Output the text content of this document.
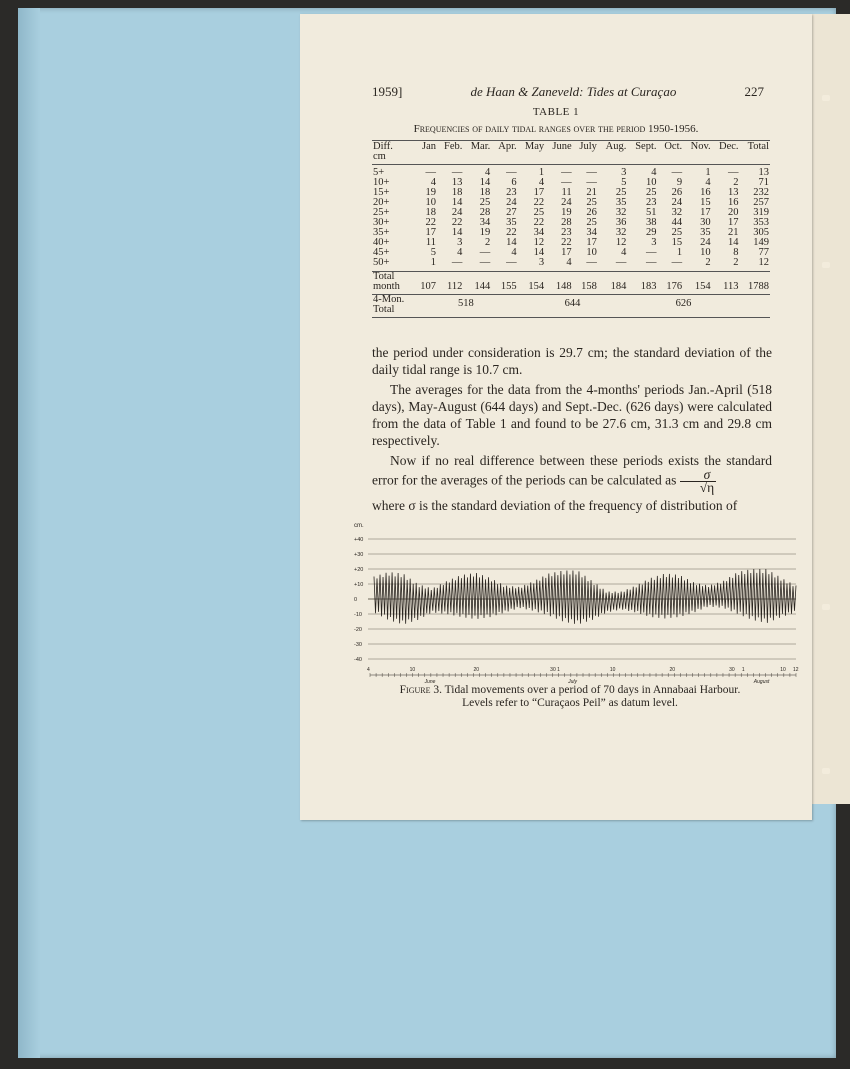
1959]	de Haan & Zaneveld: Tides at Curaçao	227
TABLE 1
Frequencies of daily tidal ranges over the period 1950-1956.
Diff.	Jan	Feb.	Mar.	Apr.	May	June	July	Aug.	Sept.	Oct.	Nov.	Dec.	Total
cm													
5+	—	—	4	—	1	—	—	3	4	—	1	—	13
10+	4	13	14	6	4	—	—	5	10	9	4	2	71
15+	19	18	18	23	17	11	21	25	25	26	16	13	232
20+	10	14	25	24	22	24	25	35	23	24	15	16	257
25+	18	24	28	27	25	19	26	32	51	32	17	20	319
30+	22	22	34	35	22	28	25	36	38	44	30	17	353
35+	17	14	19	22	34	23	34	32	29	25	35	21	305
40+	11	3	2	14	12	22	17	12	3	15	24	14	149
45+	5	4	—	4	14	17	10	4	—	1	10	8	77
50+	1	—	—	—	3	4	—	—	—	—	2	2	12
Total													
month	107	112	144	155	154	148	158	184	183	176	154	113	1788
4-Mon.													
Total	518				644				626				

the period under consideration is 29.7 cm; the standard deviation of the daily tidal range is 10.7 cm.

The averages for the data from the 4-months' periods Jan.-April (518 days), May-August (644 days) and Sept.-Dec. (626 days) were calculated from the data of Table 1 and found to be 27.6 cm, 31.3 cm and 29.8 cm respectively.

Now if no real difference between these periods exists the standard error for the averages of the periods can be calculated as $\frac{\sigma}{√\eta}$

where σ is the standard deviation of the frequency of distribution of

cm.
+40
+30
+20
+10
0
-10
-20
-30
-40
4	10	20	30 1	10	20	30 1	10 12
June	July	August
Figure 3. Tidal movements over a period of 70 days in Annabaai Harbour.
Levels refer to “Curaçaos Peil” as datum level.
